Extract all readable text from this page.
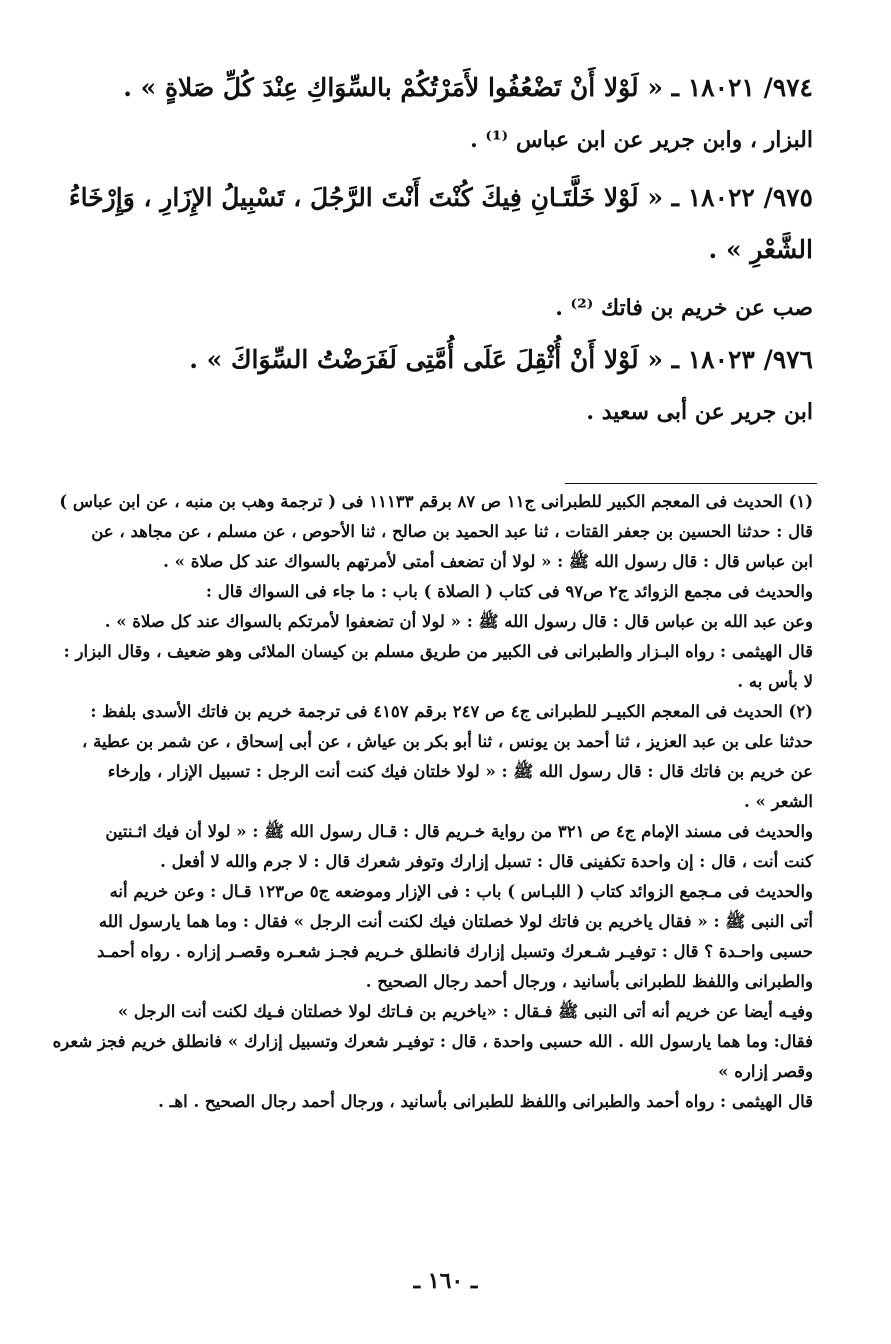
٩٧٤/ ١٨٠٢١ ـ « لَوْلا أَنْ تَضْعُفُوا لأَمَرْتُكُمْ بالسِّوَاكِ عِنْدَ كُلِّ صَلاةٍ » .

البزار ، وابن جرير عن ابن عباس ⁽¹⁾ .

٩٧٥/ ١٨٠٢٢ ـ « لَوْلا خَلَّتَـانِ فِيكَ كُنْتَ أَنْتَ الرَّجُلَ ، تَسْبِيلُ الإِزَارِ ، وَإِرْخَاءُ الشَّعْرِ » .

صب عن خريم بن فاتك ⁽²⁾ .

٩٧٦/ ١٨٠٢٣ ـ « لَوْلا أَنْ أُثْقِلَ عَلَى أُمَّتِى لَفَرَضْتُ السِّوَاكَ » .

ابن جرير عن أبى سعيد .

(١) الحديث فى المعجم الكبير للطبرانى ج١١ ص ٨٧ برقم ١١١٣٣ فى ( ترجمة وهب بن منبه ، عن ابن عباس )

قال : حدثنا الحسين بن جعفر القتات ، ثنا عبد الحميد بن صالح ، ثنا الأحوص ، عن مسلم ، عن مجاهد ، عن

ابن عباس قال : قال رسول الله ﷺ : « لولا أن تضعف أمتى لأمرتهم بالسواك عند كل صلاة » .

والحديث فى مجمع الزوائد ج٢ ص٩٧ فى كتاب ( الصلاة ) باب : ما جاء فى السواك قال :

وعن عبد الله بن عباس قال : قال رسول الله ﷺ : « لولا أن تضعفوا لأمرتكم بالسواك عند كل صلاة » .

قال الهيثمى : رواه البـزار والطبرانى فى الكبير من طريق مسلم بن كيسان الملائى وهو ضعيف ، وقال البزار :

لا بأس به .

(٢) الحديث فى المعجم الكبيـر للطبرانى ج٤ ص ٢٤٧ برقم ٤١٥٧ فى ترجمة خريم بن فاتك الأسدى بلفظ :

حدثنا على بن عبد العزيز ، ثنا أحمد بن يونس ، ثنا أبو بكر بن عياش ، عن أبى إسحاق ، عن شمر بن عطية ،

عن خريم بن فاتك قال : قال رسول الله ﷺ : « لولا خلتان فيك كنت أنت الرجل : تسبيل الإزار ، وإرخاء

الشعر » .

والحديث فى مسند الإمام ج٤ ص ٣٢١ من رواية خـريم قال : قـال رسول الله ﷺ : « لولا أن فيك اثـنتين

كنت أنت ، قال : إن واحدة تكفينى قال : تسبل إزارك وتوفر شعرك قال : لا جرم والله لا أفعل .

والحديث فى مـجمع الزوائد كتاب ( اللبـاس ) باب : فى الإزار وموضعه ج٥ ص١٢٣ قـال : وعن خريم أنه

أتى النبى ﷺ : « فقال ياخريم بن فاتك لولا خصلتان فيك لكنت أنت الرجل » فقال : وما هما يارسول الله

حسبى واحـدة ؟ قال : توفيـر شـعرك وتسبل إزارك فانطلق خـريم فجـز شعـره وقصـر إزاره . رواه أحمـد

والطبرانى واللفظ للطبرانى بأسانيد ، ورجال أحمد رجال الصحيح .

وفيـه أيضا عن خريم أنه أتى النبى ﷺ فـقال : «ياخريم بن فـاتك لولا خصلتان فـيك لكنت أنت الرجل »

فقال: وما هما يارسول الله . الله حسبى واحدة ، قال : توفيـر شعرك وتسبيل إزارك » فانطلق خريم فجز شعره

وقصر إزاره »

قال الهيثمى : رواه أحمد والطبرانى واللفظ للطبرانى بأسانيد ، ورجال أحمد رجال الصحيح . اهـ .

ـ ١٦٠ ـ
